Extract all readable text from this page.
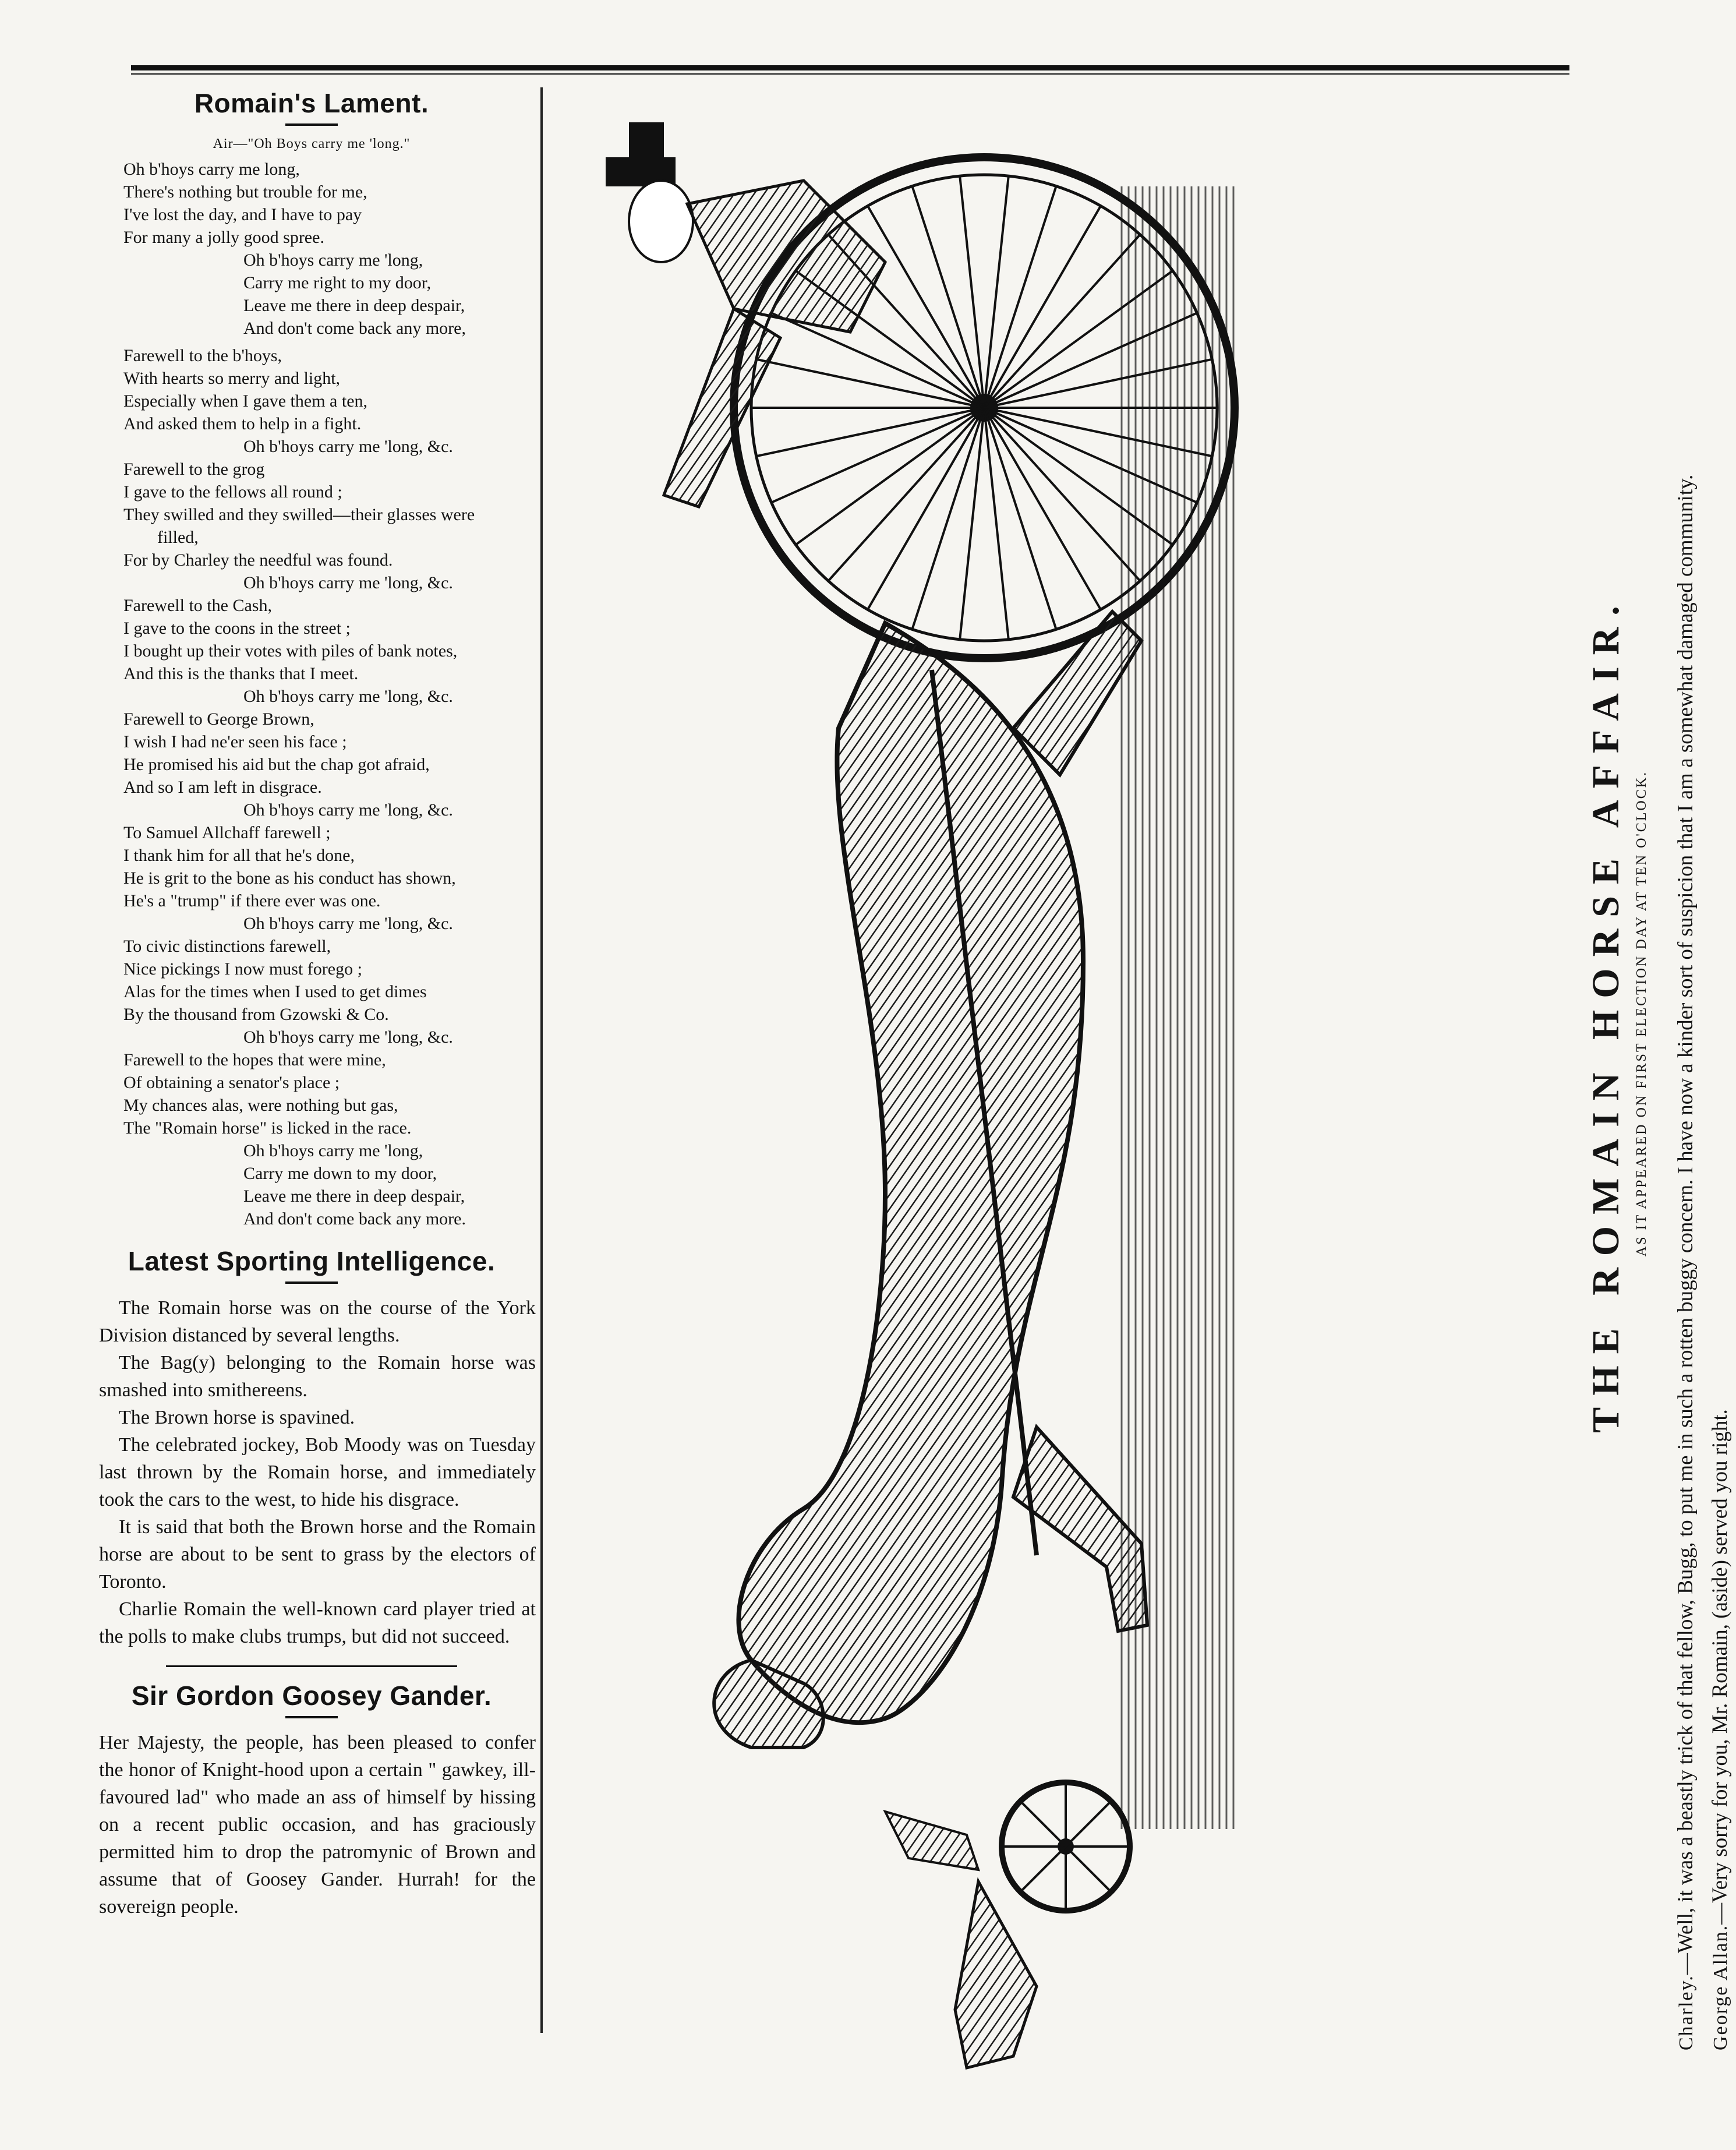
Romain's Lament.
Air—"Oh Boys carry me 'long."
Oh b'hoys carry me long,
There's nothing but trouble for me,
I've lost the day, and I have to pay
For many a jolly good spree.
Oh b'hoys carry me 'long,
Carry me right to my door,
Leave me there in deep despair,
And don't come back any more,
Farewell to the b'hoys,
With hearts so merry and light,
Especially when I gave them a ten,
And asked them to help in a fight.
Oh b'hoys carry me 'long, &c.
Farewell to the grog
I gave to the fellows all round ;
They swilled and they swilled—their glasses were
filled,
For by Charley the needful was found.
Oh b'hoys carry me 'long, &c.
Farewell to the Cash,
I gave to the coons in the street ;
I bought up their votes with piles of bank notes,
And this is the thanks that I meet.
Oh b'hoys carry me 'long, &c.
Farewell to George Brown,
I wish I had ne'er seen his face ;
He promised his aid but the chap got afraid,
And so I am left in disgrace.
Oh b'hoys carry me 'long, &c.
To Samuel Allchaff farewell ;
I thank him for all that he's done,
He is grit to the bone as his conduct has shown,
He's a "trump" if there ever was one.
Oh b'hoys carry me 'long, &c.
To civic distinctions farewell,
Nice pickings I now must forego ;
Alas for the times when I used to get dimes
By the thousand from Gzowski & Co.
Oh b'hoys carry me 'long, &c.
Farewell to the hopes that were mine,
Of obtaining a senator's place ;
My chances alas, were nothing but gas,
The "Romain horse" is licked in the race.
Oh b'hoys carry me 'long,
Carry me down to my door,
Leave me there in deep despair,
And don't come back any more.
Latest Sporting Intelligence.

The Romain horse was on the course of the York Division distanced by several lengths.

The Bag(y) belonging to the Romain horse was smashed into smithereens.

The Brown horse is spavined.

The celebrated jockey, Bob Moody was on Tuesday last thrown by the Romain horse, and immediately took the cars to the west, to hide his disgrace.

It is said that both the Brown horse and the Romain horse are about to be sent to grass by the electors of Toronto.

Charlie Romain the well-known card player tried at the polls to make clubs trumps, but did not succeed.

Sir Gordon Goosey Gander.

Her Majesty, the people, has been pleased to confer the honor of Knight-hood upon a certain " gawkey, ill-favoured lad" who made an ass of himself by hissing on a recent public occasion, and has graciously permitted him to drop the patromynic of Brown and assume that of Goosey Gander. Hurrah! for the sovereign people.

THE ROMAIN HORSE AFFAIR. AS IT APPEARED ON FIRST ELECTION DAY AT TEN O'CLOCK.
Charley.—Well, it was a beastly trick of that fellow, Bugg, to put me in such a rotten buggy concern. I have now a kinder sort of suspicion that I am a somewhat damaged community.
George Allan.—Very sorry for you, Mr. Romain, (aside) served you right.
